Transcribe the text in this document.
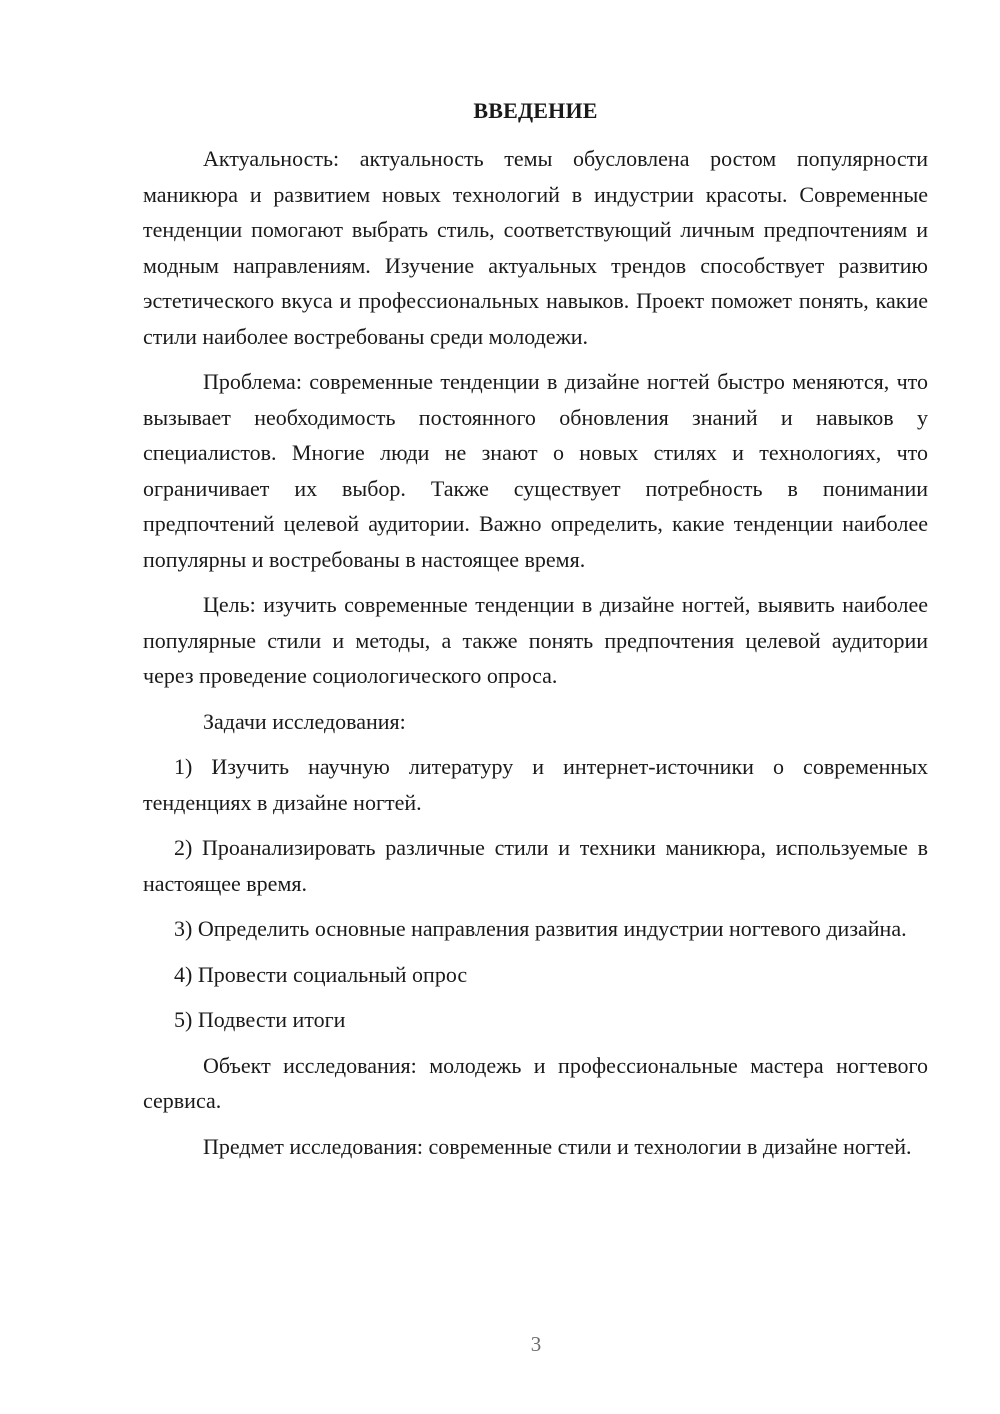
ВВЕДЕНИЕ

Актуальность: актуальность темы обусловлена ростом популярности маникюра и развитием новых технологий в индустрии красоты. Современные тенденции помогают выбрать стиль, соответствующий личным предпочтениям и модным направлениям. Изучение актуальных трендов способствует развитию эстетического вкуса и профессиональных навыков. Проект поможет понять, какие стили наиболее востребованы среди молодежи.

Проблема: современные тенденции в дизайне ногтей быстро меняются, что вызывает необходимость постоянного обновления знаний и навыков у специалистов. Многие люди не знают о новых стилях и технологиях, что ограничивает их выбор. Также существует потребность в понимании предпочтений целевой аудитории. Важно определить, какие тенденции наиболее популярны и востребованы в настоящее время.

Цель: изучить современные тенденции в дизайне ногтей, выявить наиболее популярные стили и методы, а также понять предпочтения целевой аудитории через проведение социологического опроса.

Задачи исследования:

1) Изучить научную литературу и интернет-источники о современных тенденциях в дизайне ногтей.

2) Проанализировать различные стили и техники маникюра, используемые в настоящее время.

3) Определить основные направления развития индустрии ногтевого дизайна.

4) Провести социальный опрос

5) Подвести итоги

Объект исследования: молодежь и профессиональные мастера ногтевого сервиса.

Предмет исследования: современные стили и технологии в дизайне ногтей.

3
